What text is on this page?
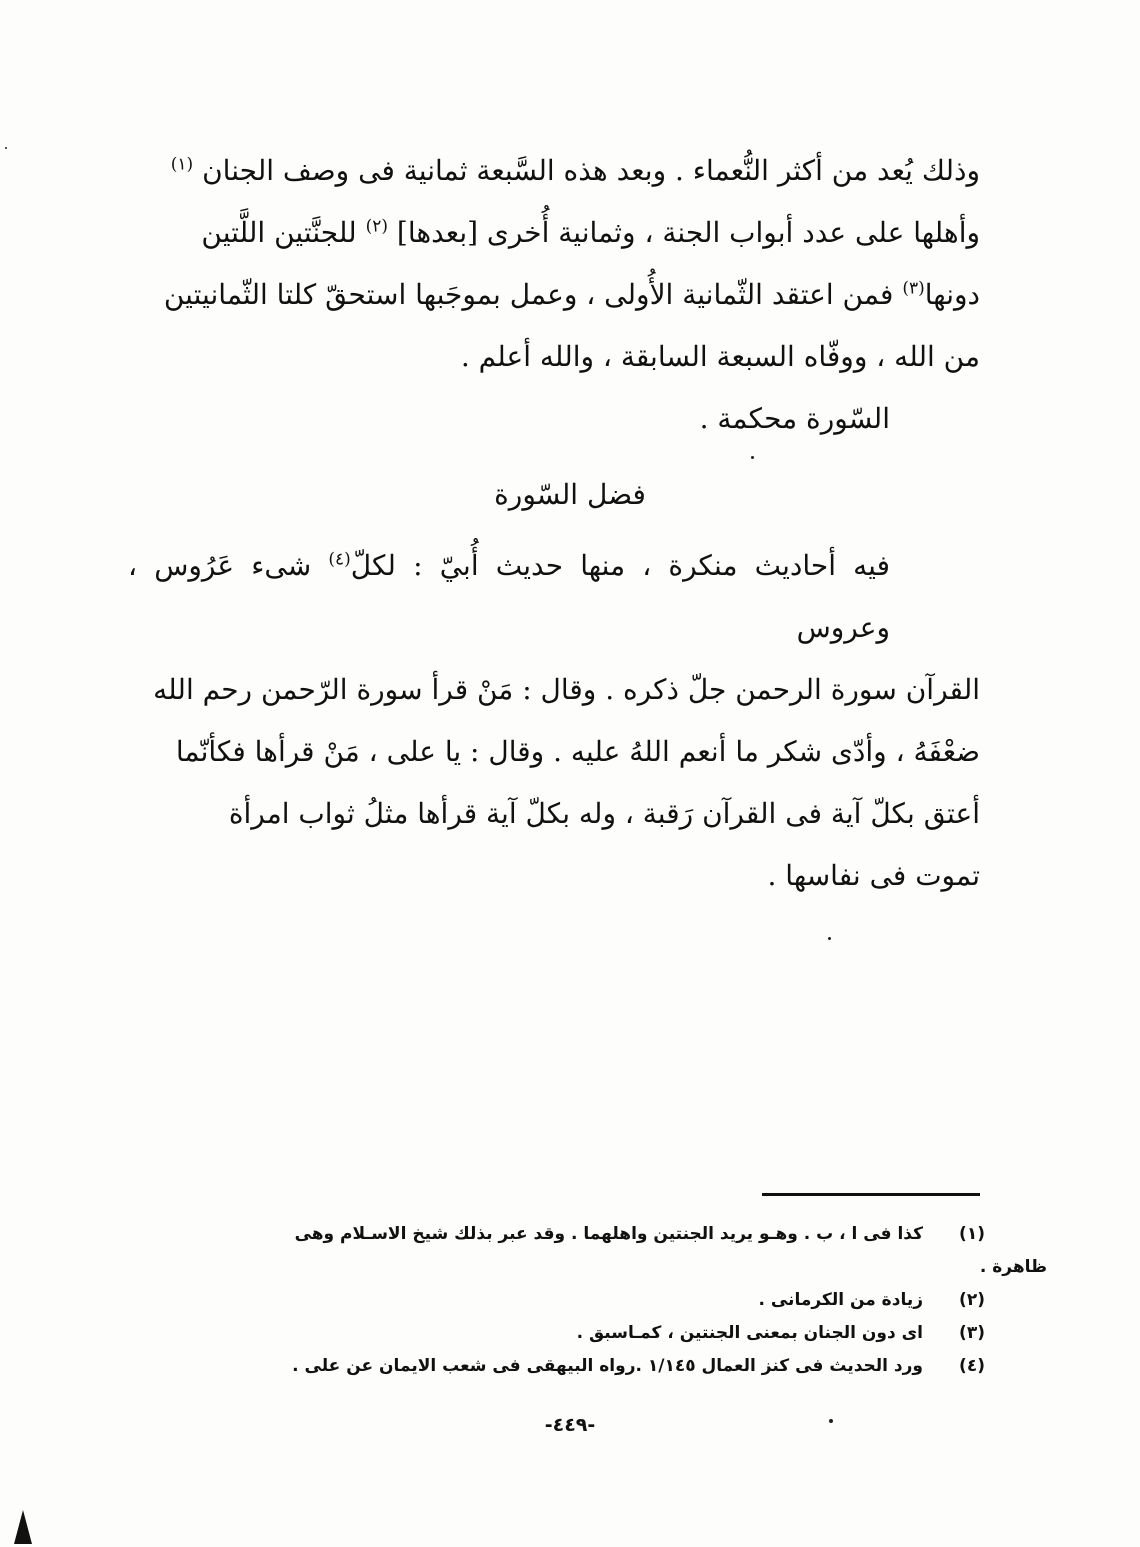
وذلك يُعد من أكثر النُّعماء . وبعد هذه السَّبعة ثمانية فى وصف الجنان $^{(١)}$

وأهلها على عدد أبواب الجنة ، وثمانية أُخرى [بعدها] $^{(٢)}$ للجنَّتين اللَّتين

دونها$^{(٣)}$ فمن اعتقد الثّمانية الأُولى ، وعمل بموجَبها استحقّ كلتا الثّمانيتين

من الله ، ووفّاه السبعة السابقة ، والله أعلم .

السّورة محكمة .

فضل السّورة

فيه أحاديث منكرة ، منها حديث أُبيّ : لكلّ$^{(٤)}$ شىء عَرُوس ، وعروس

القرآن سورة الرحمن جلّ ذكره . وقال : مَنْ قرأ سورة الرّحمن رحم الله

ضعْفَهُ ، وأدّى شكر ما أنعم اللهُ عليه . وقال : يا على ، مَنْ قرأها فكأنّما

أعتق بكلّ آية فى القرآن رَقبة ، وله بكلّ آية قرأها مثلُ ثواب امرأة

تموت فى نفاسها .

(١)
كذا فى ا ، ب . وهـو يريد الجنتين واهلهما . وقد عبر بذلك شيخ الاسـلام وهى
ظاهرة .
(٢)
زيادة من الكرمانى .
(٣)
اى دون الجنان بمعنى الجنتين ، كمـاسبق .
(٤)
ورد الحديث فى كنز العمال ١/١٤٥ .رواه البيهقى فى شعب الايمان عن على .
-٤٤٩-
